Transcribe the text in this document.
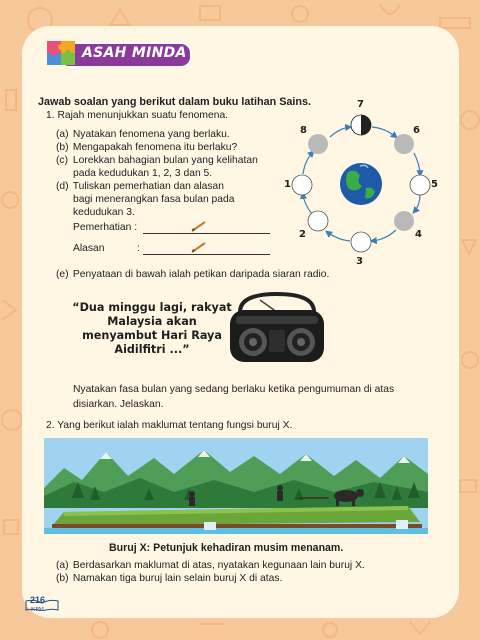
ASAH MINDA
Jawab soalan yang berikut dalam buku latihan Sains.
1. Rajah menunjukkan suatu fenomena.
(a) Nyatakan fenomena yang berlaku.
(b) Mengapakah fenomena itu berlaku?
(c) Lorekkan bahagian bulan yang kelihatan
pada kedudukan 1, 2, 3 dan 5.
(d) Tuliskan pemerhatian dan alasan
bagi menerangkan fasa bulan pada
kedudukan 3.
Pemerhatian :
Alasan	:
1
2
3
4
5
6
7
8
(e) Penyataan di bawah ialah petikan daripada siaran radio.
“Dua minggu lagi, rakyat Malaysia akan menyambut Hari Raya Aidilfitri ...”
Nyatakan fasa bulan yang sedang berlaku ketika pengumuman di atas
disiarkan. Jelaskan.
2. Yang berikut ialah maklumat tentang fungsi buruj X.
Buruj X: Petunjuk kehadiran musim menanam.
(a) Berdasarkan maklumat di atas, nyatakan kegunaan lain buruj X.
(b) Namakan tiga buruj lain selain buruj X di atas.
216
KPM
